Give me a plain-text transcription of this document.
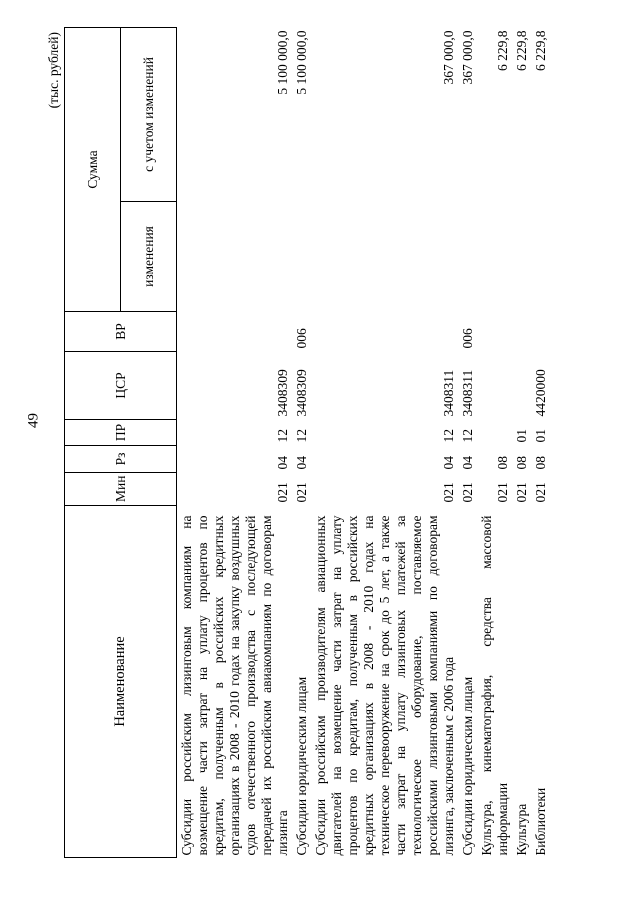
49
(тыс. рублей)
Наименование	Мин	Рз	ПР	ЦСР	ВР	Сумма	
						изменения	с учетом изменений
Субсидии российским лизинговым компаниям на возмещение части затрат на уплату процентов по кредитам, полученным в российских кредитных организациях в 2008 - 2010 годах на закупку воздушных судов отечественного производства с последующей передачей их российским авиакомпаниям по договорам лизинга	021	04	12	3408309			5 100 000,0
Субсидии юридическим лицам	021	04	12	3408309	006		5 100 000,0
Субсидии российским производителям авиационных двигателей на возмещение части затрат на уплату процентов по кредитам, полученным в российских кредитных организациях в 2008 - 2010 годах на техническое перевооружение на срок до 5 лет, а также части затрат на уплату лизинговых платежей за технологическое оборудование, поставляемое российскими лизинговыми компаниями по договорам лизинга, заключенным с 2006 года	021	04	12	3408311			367 000,0
Субсидии юридическим лицам	021	04	12	3408311	006		367 000,0
Культура, кинематография, средства массовой информации	021	08					6 229,8
Культура	021	08	01				6 229,8
Библиотеки	021	08	01	4420000			6 229,8
